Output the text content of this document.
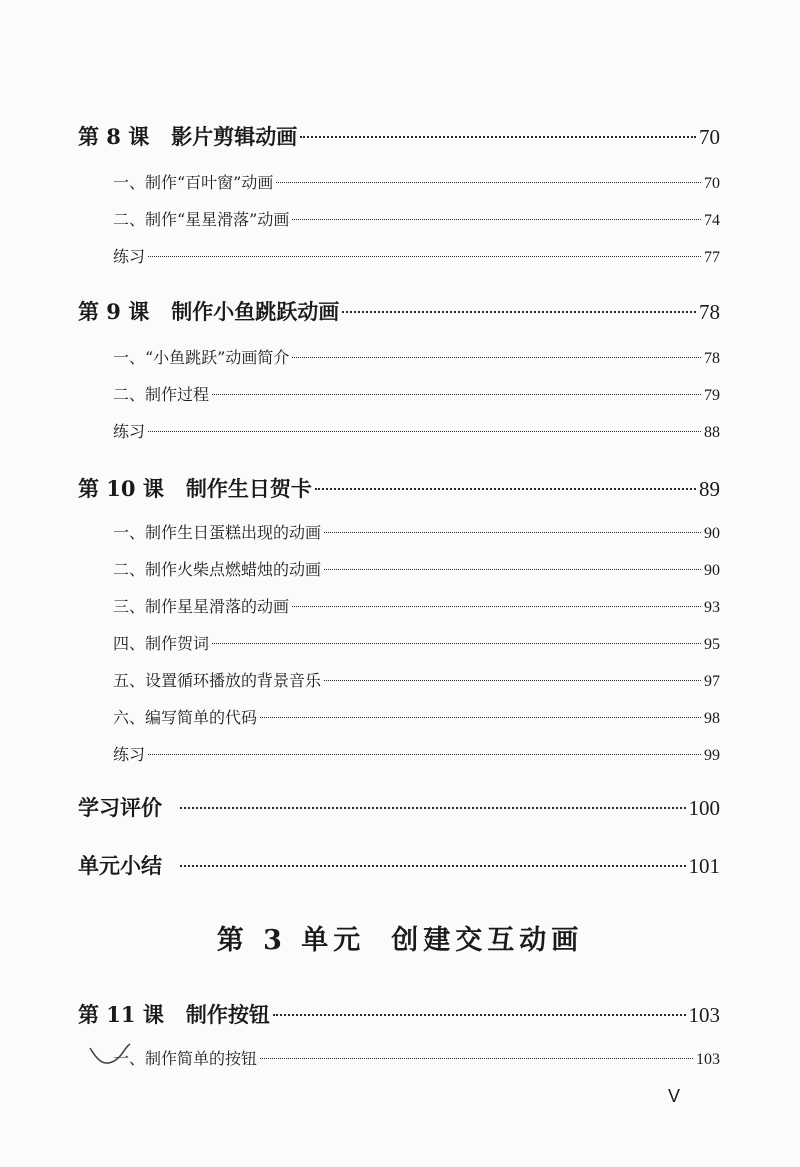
第 8 课 影片剪辑动画	70
一、制作“百叶窗”动画	70
二、制作“星星滑落”动画	74
练习	77
第 9 课 制作小鱼跳跃动画	78
一、“小鱼跳跃”动画简介	78
二、制作过程	79
练习	88
第 10 课 制作生日贺卡	89
一、制作生日蛋糕出现的动画	90
二、制作火柴点燃蜡烛的动画	90
三、制作星星滑落的动画	93
四、制作贺词	95
五、设置循环播放的背景音乐	97
六、编写简单的代码	98
练习	99
学习评价	100
单元小结	101
第 3 单元 创建交互动画
第 11 课 制作按钮	103
一、制作简单的按钮	103
V
